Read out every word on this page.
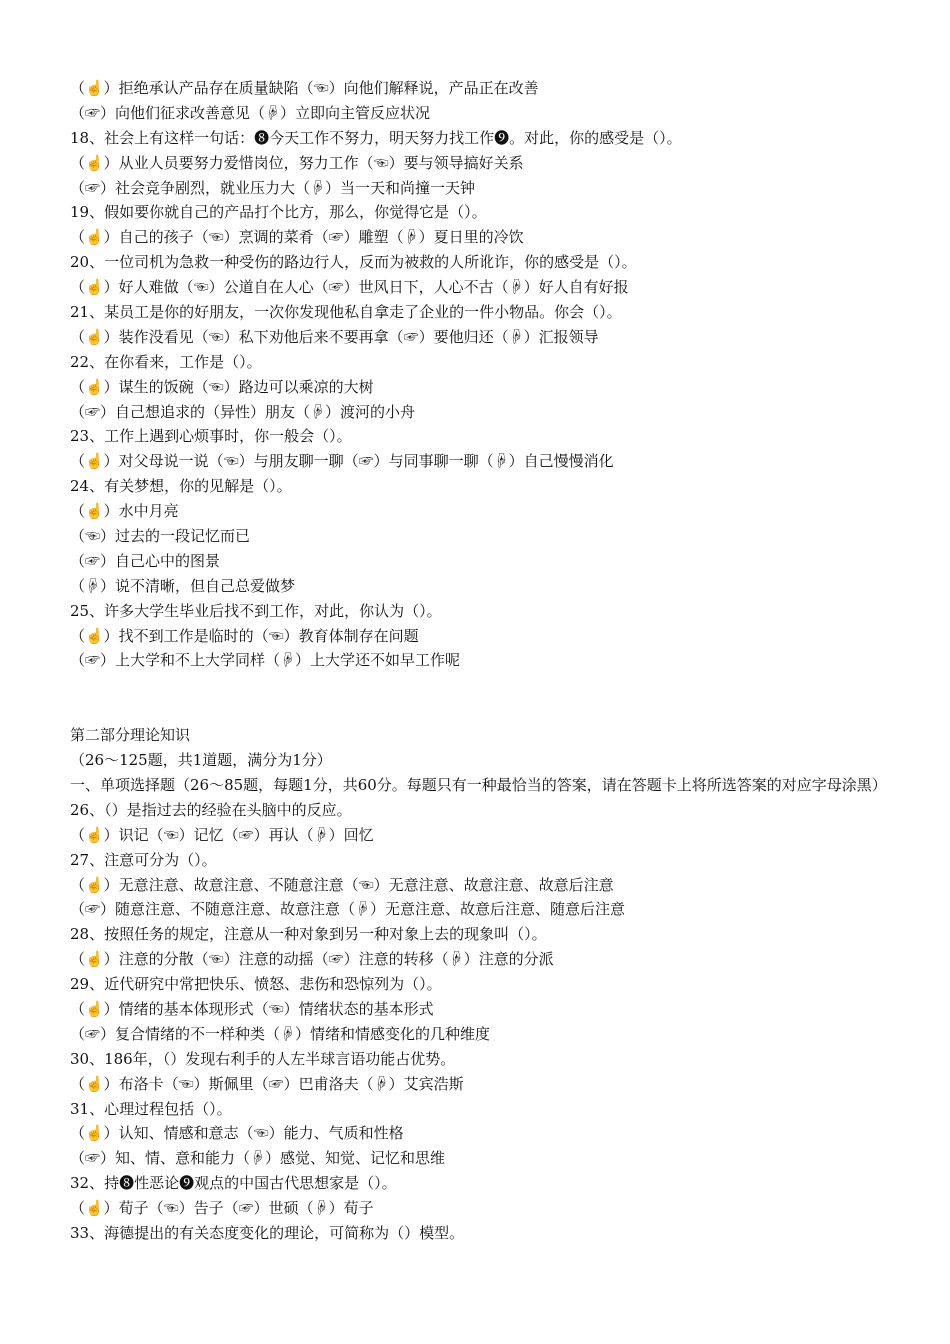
（☝）拒绝承认产品存在质量缺陷（☜）向他们解释说，产品正在改善
（☞）向他们征求改善意见（☟）立即向主管反应状况
18、社会上有这样一句话：❽今天工作不努力，明天努力找工作❾。对此，你的感受是（）。
（☝）从业人员要努力爱惜岗位，努力工作（☜）要与领导搞好关系
（☞）社会竞争剧烈，就业压力大（☟）当一天和尚撞一天钟
19、假如要你就自己的产品打个比方，那么，你觉得它是（）。
（☝）自己的孩子（☜）烹调的菜肴（☞）雕塑（☟）夏日里的冷饮
20、一位司机为急救一种受伤的路边行人，反而为被救的人所讹诈，你的感受是（）。
（☝）好人难做（☜）公道自在人心（☞）世风日下，人心不古（☟）好人自有好报
21、某员工是你的好朋友，一次你发现他私自拿走了企业的一件小物品。你会（）。
（☝）装作没看见（☜）私下劝他后来不要再拿（☞）要他归还（☟）汇报领导
22、在你看来，工作是（）。
（☝）谋生的饭碗（☜）路边可以乘凉的大树
（☞）自己想追求的（异性）朋友（☟）渡河的小舟
23、工作上遇到心烦事时，你一般会（）。
（☝）对父母说一说（☜）与朋友聊一聊（☞）与同事聊一聊（☟）自己慢慢消化
24、有关梦想，你的见解是（）。
（☝）水中月亮
（☜）过去的一段记忆而已
（☞）自己心中的图景
（☟）说不清晰，但自己总爱做梦
25、许多大学生毕业后找不到工作，对此，你认为（）。
（☝）找不到工作是临时的（☜）教育体制存在问题
（☞）上大学和不上大学同样（☟）上大学还不如早工作呢
第二部分理论知识
（26～125题，共1道题，满分为1分）
一、单项选择题（26～85题，每题1分，共60分。每题只有一种最恰当的答案，请在答题卡上将所选答案的对应字母涂黑）
26、（）是指过去的经验在头脑中的反应。
（☝）识记（☜）记忆（☞）再认（☟）回忆
27、注意可分为（）。
（☝）无意注意、故意注意、不随意注意（☜）无意注意、故意注意、故意后注意
（☞）随意注意、不随意注意、故意注意（☟）无意注意、故意后注意、随意后注意
28、按照任务的规定，注意从一种对象到另一种对象上去的现象叫（）。
（☝）注意的分散（☜）注意的动摇（☞）注意的转移（☟）注意的分派
29、近代研究中常把快乐、愤怒、悲伤和恐惊列为（）。
（☝）情绪的基本体现形式（☜）情绪状态的基本形式
（☞）复合情绪的不一样种类（☟）情绪和情感变化的几种维度
30、186年，（）发现右利手的人左半球言语功能占优势。
（☝）布洛卡（☜）斯佩里（☞）巴甫洛夫（☟）艾宾浩斯
31、心理过程包括（）。
（☝）认知、情感和意志（☜）能力、气质和性格
（☞）知、情、意和能力（☟）感觉、知觉、记忆和思维
32、持❽性恶论❾观点的中国古代思想家是（）。
（☝）荀子（☜）告子（☞）世硕（☟）荀子
33、海德提出的有关态度变化的理论，可简称为（）模型。
